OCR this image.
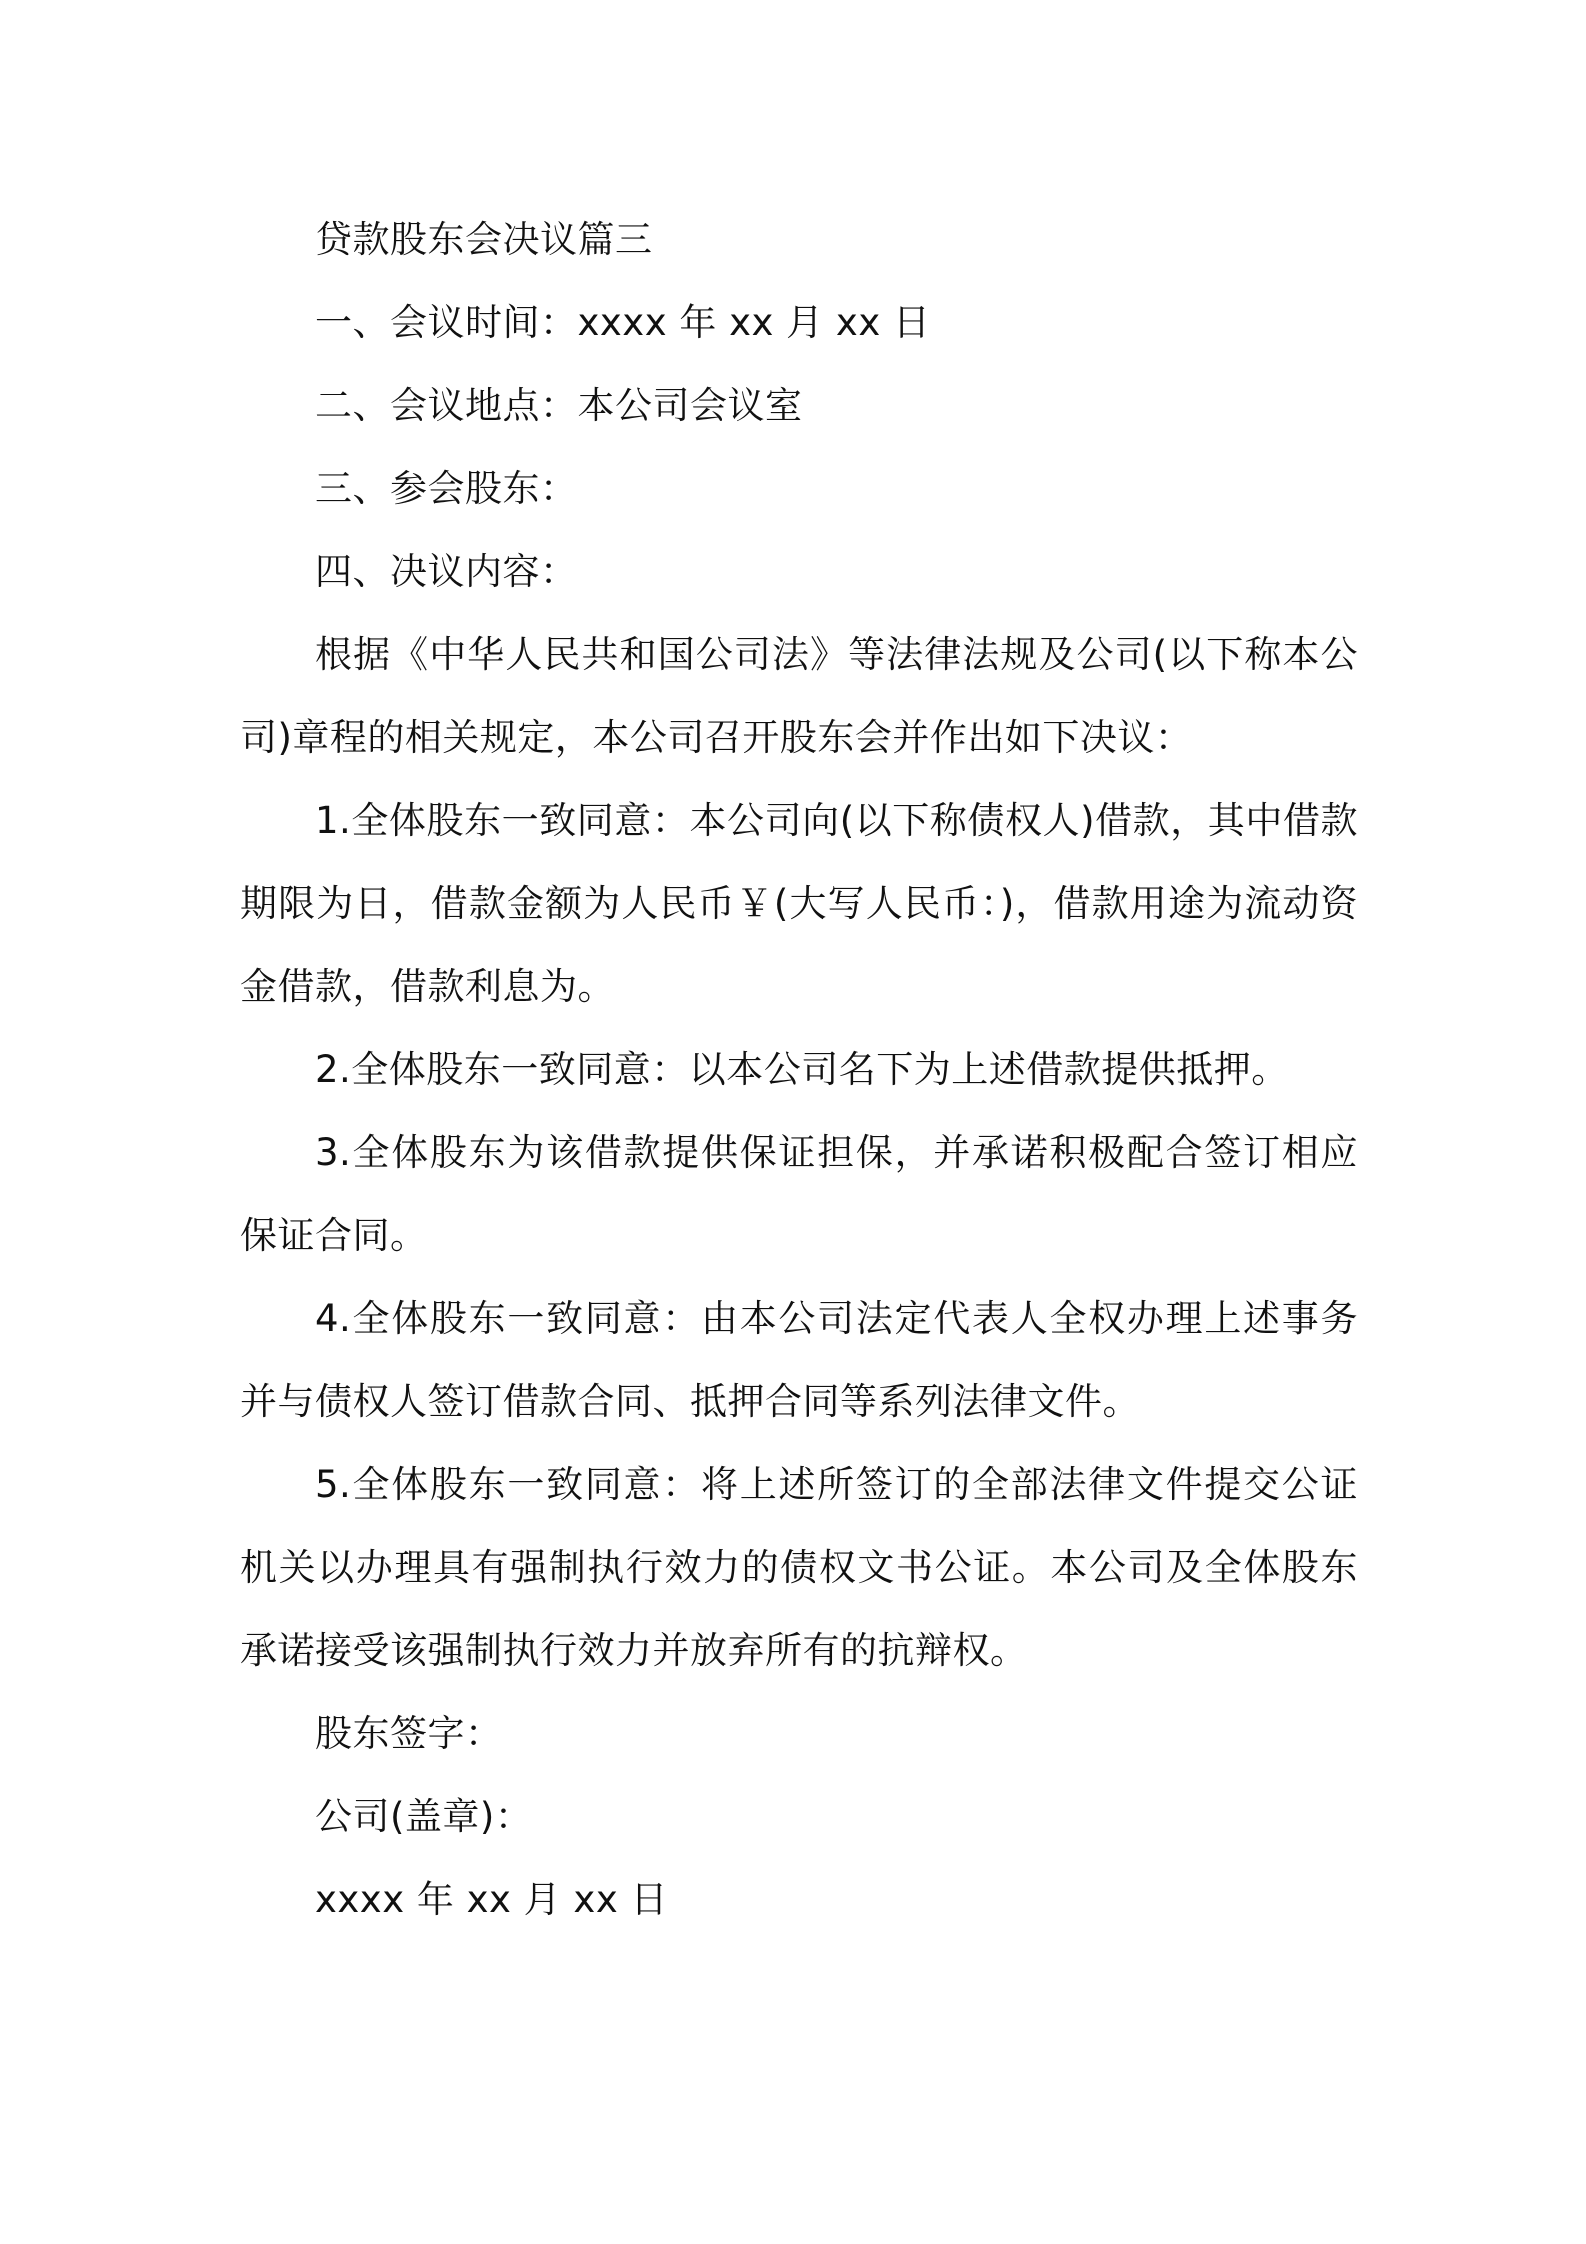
贷款股东会决议篇三

一、会议时间：xxxx 年 xx 月 xx 日

二、会议地点：本公司会议室

三、参会股东：

四、决议内容：

根据《中华人民共和国公司法》等法律法规及公司(以下称本公司)章程的相关规定，本公司召开股东会并作出如下决议：

1.全体股东一致同意：本公司向(以下称债权人)借款，其中借款期限为日，借款金额为人民币￥(大写人民币：)，借款用途为流动资金借款，借款利息为。

2.全体股东一致同意：以本公司名下为上述借款提供抵押。

3.全体股东为该借款提供保证担保，并承诺积极配合签订相应保证合同。

4.全体股东一致同意：由本公司法定代表人全权办理上述事务并与债权人签订借款合同、抵押合同等系列法律文件。

5.全体股东一致同意：将上述所签订的全部法律文件提交公证机关以办理具有强制执行效力的债权文书公证。本公司及全体股东承诺接受该强制执行效力并放弃所有的抗辩权。

股东签字：

公司(盖章)：

xxxx 年 xx 月 xx 日
